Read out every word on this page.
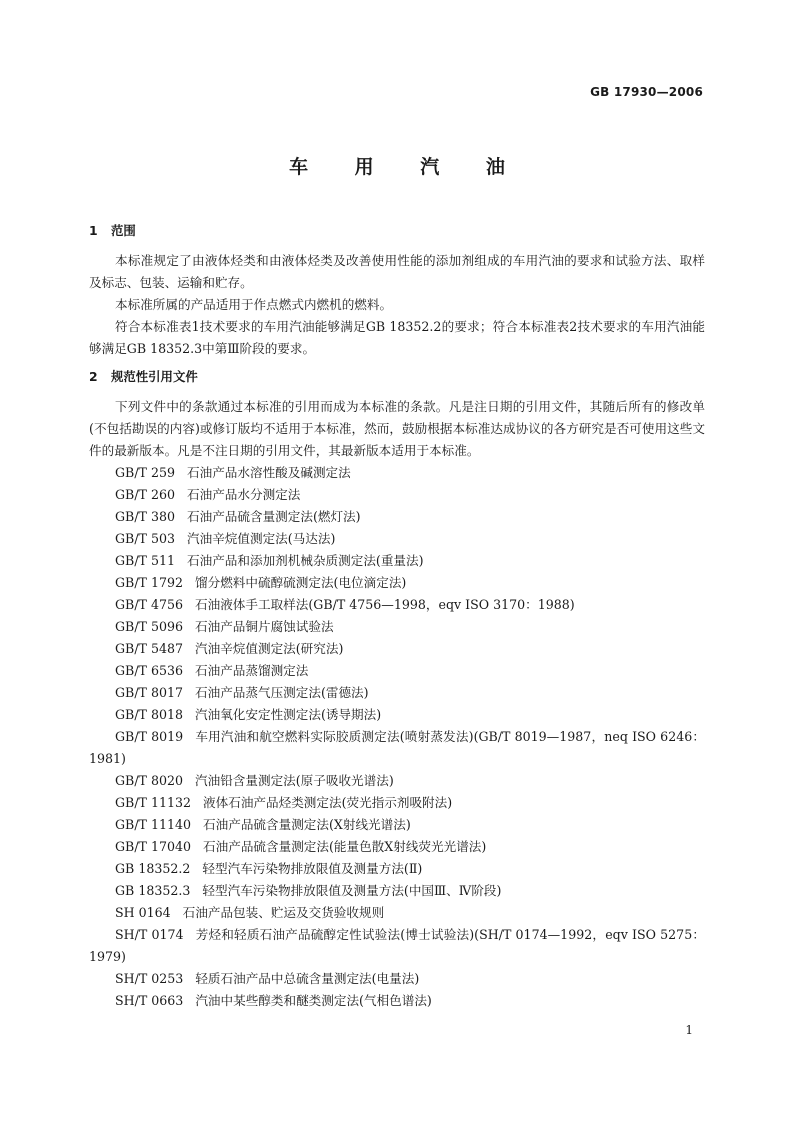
GB 17930—2006
车 用 汽 油
1 范围

本标准规定了由液体烃类和由液体烃类及改善使用性能的添加剂组成的车用汽油的要求和试验方法、取样及标志、包装、运输和贮存。

本标准所属的产品适用于作点燃式内燃机的燃料。

符合本标准表1技术要求的车用汽油能够满足GB 18352.2的要求；符合本标准表2技术要求的车用汽油能够满足GB 18352.3中第Ⅲ阶段的要求。

2 规范性引用文件

下列文件中的条款通过本标准的引用而成为本标准的条款。凡是注日期的引用文件，其随后所有的修改单(不包括勘误的内容)或修订版均不适用于本标准，然而，鼓励根据本标准达成协议的各方研究是否可使用这些文件的最新版本。凡是不注日期的引用文件，其最新版本适用于本标准。

GB/T 259 石油产品水溶性酸及碱测定法

GB/T 260 石油产品水分测定法

GB/T 380 石油产品硫含量测定法(燃灯法)

GB/T 503 汽油辛烷值测定法(马达法)

GB/T 511 石油产品和添加剂机械杂质测定法(重量法)

GB/T 1792 馏分燃料中硫醇硫测定法(电位滴定法)

GB/T 4756 石油液体手工取样法(GB/T 4756—1998，eqv ISO 3170：1988)

GB/T 5096 石油产品铜片腐蚀试验法

GB/T 5487 汽油辛烷值测定法(研究法)

GB/T 6536 石油产品蒸馏测定法

GB/T 8017 石油产品蒸气压测定法(雷德法)

GB/T 8018 汽油氧化安定性测定法(诱导期法)

GB/T 8019 车用汽油和航空燃料实际胶质测定法(喷射蒸发法)(GB/T 8019—1987，neq ISO 6246：1981)

GB/T 8020 汽油铅含量测定法(原子吸收光谱法)

GB/T 11132 液体石油产品烃类测定法(荧光指示剂吸附法)

GB/T 11140 石油产品硫含量测定法(X射线光谱法)

GB/T 17040 石油产品硫含量测定法(能量色散X射线荧光光谱法)

GB 18352.2 轻型汽车污染物排放限值及测量方法(Ⅱ)

GB 18352.3 轻型汽车污染物排放限值及测量方法(中国Ⅲ、Ⅳ阶段)

SH 0164 石油产品包装、贮运及交货验收规则

SH/T 0174 芳烃和轻质石油产品硫醇定性试验法(博士试验法)(SH/T 0174—1992，eqv ISO 5275：1979)

SH/T 0253 轻质石油产品中总硫含量测定法(电量法)

SH/T 0663 汽油中某些醇类和醚类测定法(气相色谱法)

1
